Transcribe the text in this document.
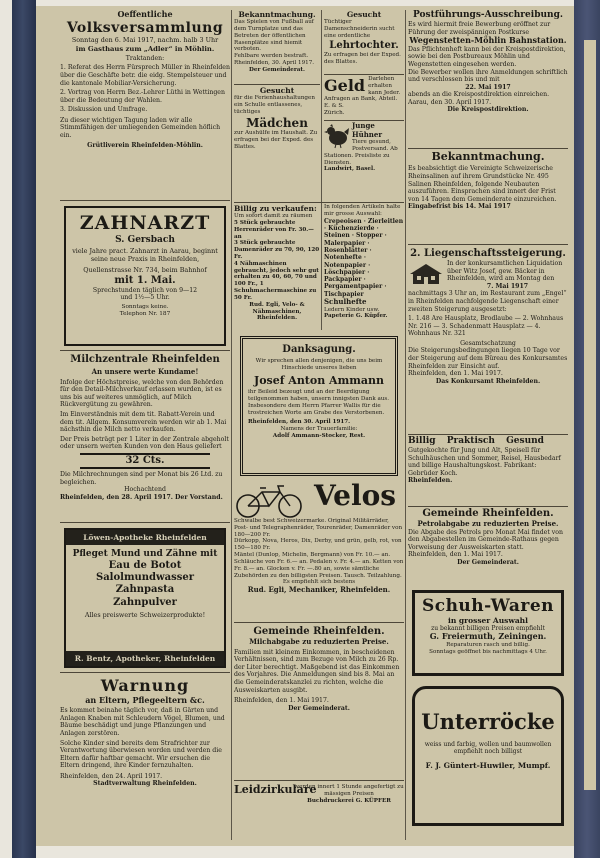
Oeffentliche

Volksversammlung

Sonntag den 6. Mai 1917, nachm. halb 3 Uhr

im Gasthaus zum „Adler“ in Möhlin.

Traktanden:

1. Referat des Herrn Fürsprech Müller in Rheinfelden über die Geschäfte betr. die eidg. Stempelsteuer und die kantonale Mobiliar-Versicherung.

2. Vortrag von Herrn Bez.-Lehrer Lüthi in Wettingen über die Bedeutung der Wahlen.

3. Diskussion und Umfrage.

Zu dieser wichtigen Tagung laden wir alle Stimmfähigen der umliegenden Gemeinden höflich ein.

Grütliverein Rheinfelden-Möhlin.

ZAHNARZT

S. Gersbach

viele Jahre pract. Zahnarzt in Aarau, beginnt seine neue Praxis in Rheinfelden,

Quellenstrasse Nr. 734, beim Bahnhof

mit 1. Mai.

Sprechstunden täglich von 9—12

und 1½—5 Uhr.

Sonntags keine.

Telephon Nr. 187

Milchzentrale Rheinfelden

An unsere werte Kundame!

Infolge der Höchstpreise, welche von den Behörden für den Detail-Milchverkauf erlassen wurden, ist es uns bis auf weiteres unmöglich, auf Milch Rückvergütung zu gewähren.

Im Einverständnis mit dem tit. Rabatt-Verein und dem tit. Allgem. Konsumverein werden wir ab 1. Mai nächsthin die Milch netto verkaufen.

Der Preis beträgt per 1 Liter in der Zentrale abgeholt oder unsern werten Kunden von den Haus geliefert

32 Cts.

Die Milchrechnungen sind per Monat bis 26 Ltd. zu begleichen.

Hochachtend

Rheinfelden, den 28. April 1917. Der Vorstand.

Löwen-Apotheke Rheinfelden

Pfleget Mund und Zähne mit

Eau de Botot

Salolmundwasser

Zahnpasta

Zahnpulver

Alles preiswerte Schweizerprodukte!

R. Bentz, Apotheker, Rheinfelden

Warnung

an Eltern, Pflegeeltern &c.

Es kommet beinahe täglich vor, daß in Gärten und Anlagen Knaben mit Schleudern Vögel, Blumen, und Bäume beschädigt und junge Pflanzungen und Anlagen zerstören.

Solche Kinder sind bereits dem Strafrichter zur Verantwortung überwiesen worden und werden die Eltern dafür haftbar gemacht. Wir ersuchen die Eltern dringend, ihre Kinder fernzuhalten.

Rheinfelden, den 24. April 1917.

Stadtverwaltung Rheinfelden.

Bekanntmachung.

Das Spielen von Fußball auf dem Turnplatze und das Betreten der öffentlichen Rasenplätze sind hiemit verboten.

Fehlbare werden bestraft.

Rheinfelden, 30. April 1917.

Der Gemeinderat.

Gesucht

für die Ferienhaushaltungen ein Schulle entlassenes, tüchtiges

Mädchen

zur Aushülfe im Haushalt. Zu erfragen bei der Exped. des Blattes.

Gesucht

Tüchtiger Damenschneiderin sucht eine ordentliche

Lehrtochter.

Zu erfragen bei der Exped. des Blattes.

Geld Darlehen erhalten kann Jeder. Anfragen an Bank, Abteil. E. & S.

Zürich.

Junge Hühner

Tiere gesund, Postversand. Ab Stationen. Preisliste zu Diensten.

Landwirt, Basel.

Billig zu verkaufen:

Um sofort damit zu räumen

5 Stück gebrauchte Herrenräder von Fr. 30.— an

3 Stück gebrauchte Damenräder zu 70, 90, 120 Fr.

4 Nähmaschinen gebraucht, jedoch sehr gut erhalten zu 40, 60, 70 und 100 Fr., 1 Schuhmachermaschine zu 50 Fr.

Rud. Egli, Velo- & Nähmaschinen, Rheinfelden.

In folgenden Artikeln halte mir grosse Auswahl:

Crepeoisen · Zierleitlen · Küchenzierde · Steinen · Stopper · Malerpapier · Rosenblätter · Notenhefte · Notenpapier · Löschpapier · Packpapier · Pergamentpapier · Tischpapier

Schulhefte

Ledern Kinder usw.

Papeterie G. Küpfer.

Danksagung.

Wir sprechen allen denjenigen, die uns beim Hinschiede unseres lieben

Josef Anton Ammann

ihr Beileid bezeugt und an der Beerdigung teilgenommen haben, unsern innigsten Dank aus. Insbesondere dem Herrn Pfarrer Wallis für die trostreichen Worte am Grabe des Verstorbenen.

Rheinfelden, den 30. April 1917.

Namens der Trauerfamilie:

Adolf Ammann-Stocker, Rest.

Velos

Schwalbe best Schweizermarke. Original Militärräder, Post- und Telegraphenräder, Tourenräder, Damenräder von 180—200 Fr.

Dürkopp, Nova, Heros, Dix, Derby, und grün, gelb, rot, von 150—180 Fr.

Mäntel (Dunlop, Michelin, Bergmann) von Fr. 10.— an. Schläuche von Fr. 6.— an. Pedalen v. Fr. 4.— an. Ketten von Fr. 8.— an. Glocken v. Fr. —.80 an, sowie sämtliche Zubehörden zu den billigsten Preisen. Tausch. Teilzahlung.

Es empfiehlt sich bestens

Rud. Egli, Mechaniker, Rheinfelden.

Gemeinde Rheinfelden.

Milchabgabe zu reduzierten Preise.

Familien mit kleinem Einkommen, in bescheidenen Verhältnissen, sind zum Bezuge von Milch zu 26 Rp. der Liter berechtigt. Maßgebend ist das Einkommen des Vorjahres. Die Anmeldungen sind bis 8. Mai an die Gemeinderatskanzlei zu richten, welche die Ausweiskarten ausgibt.

Rheinfelden, den 1. Mai 1917.

Der Gemeinderat.

Leidzirkulare

werden innert 1 Stunde angefertigt zu mässigen Preisen

Buchdruckerei G. KÜPFER

Postführungs-Ausschreibung.

Es wird hiermit freie Bewerbung eröffnet zur Führung der zweispännigen Postkurse

Wegenstetten-Möhlin Bahnstation.

Das Pflichtenheft kann bei der Kreispostdirektion, sowie bei den Postbureaux Möhlin und Wegenstetten eingesehen werden.

Die Bewerber wollen ihre Anmeldungen schriftlich und verschlossen bis und mit

22. Mai 1917

abends an die Kreispostdirektion einreichen.

Aarau, den 30. April 1917.

Die Kreispostdirektion.

Bekanntmachung.

Es beabsichtigt die Vereinigte Schweizerische Rheinsalinen auf ihrem Grundstücke Nr. 495 Salinen Rheinfelden, folgende Neubauten auszuführen. Einsprachen sind innert der Frist von 14 Tagen dem Gemeinderate einzureichen.

Eingabefrist bis 14. Mai 1917

2. Liegenschaftssteigerung.

In der konkursamtlichen Liquidation über Witz Josef, gew. Bäcker in Rheinfelden, wird am Montag den

7. Mai 1917

nachmittags 3 Uhr an, im Restaurant zum „Engel“ in Rheinfelden nachfolgende Liegenschaft einer zweiten Steigerung ausgesetzt:

1. 1.48 Are Hausplatz, Brodlaube — 2. Wohnhaus Nr. 216 — 3. Schadenmatt Hausplatz — 4. Wohnhaus Nr. 321

Gesamtschatzung

Die Steigerungsbedingungen liegen 10 Tage vor der Steigerung auf dem Büreau des Konkursamtes Rheinfelden zur Einsicht auf.

Rheinfelden, den 1. Mai 1917.

Das Konkursamt Rheinfelden.

Billig Praktisch Gesund

Gutgekochte für Jung und Alt, Speisell für Schulhäuschen und Sommer, Reisel, Hausbedarf und billige Haushaltungskost. Fabrikant: Gebrüder Koch.

Rheinfelden.

Gemeinde Rheinfelden.

Petrolabgabe zu reduzierten Preise.

Die Abgabe des Petrols pro Monat Mai findet von den Abgabestellen im Gemeinde-Rathaus gegen Vorweisung der Ausweiskarten statt.

Rheinfelden, den 1. Mai 1917.

Der Gemeinderat.

Schuh-Waren

in grosser Auswahl

zu bekannt billigen Preisen empfiehlt

G. Freiermuth, Zeiningen.

Reparaturen rasch und billig.

Sonntags geöffnet bis nachmittags 4 Uhr.

Unterröcke

weiss und farbig, wollen und baumwollen

empfiehlt noch billigst

F. J. Güntert-Huwiler, Mumpf.
